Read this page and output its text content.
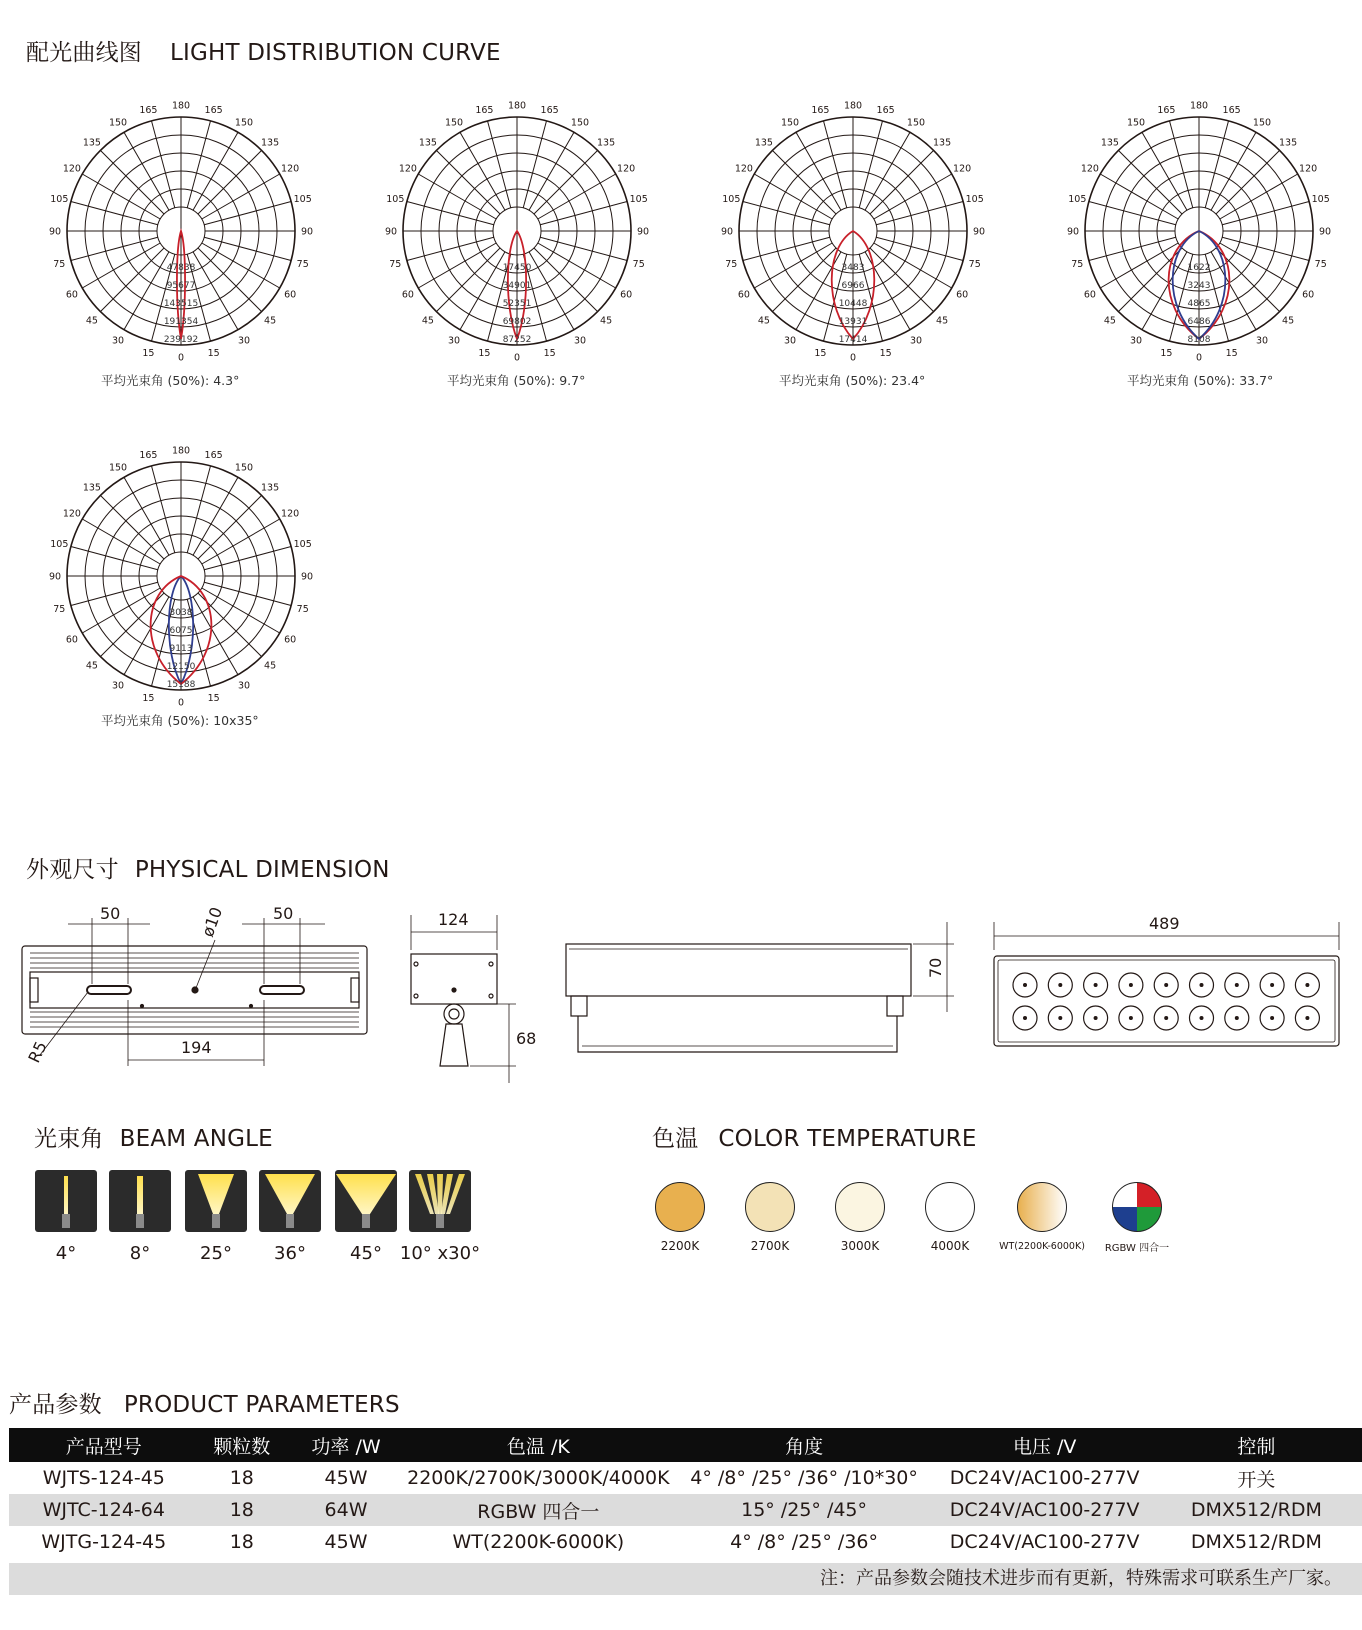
配光曲线图 LIGHT DISTRIBUTION CURVE
0 15
15
30
30
45
45
60
60
75
75
90
90
105
105
120
120
135
135
150
150
165
165 180
47838
95677
143515
191354
239192
平均光束角 (50%): 4.3°
0 15
15
30
30
45
45
60
60
75
75
90
90
105
105
120
120
135
135
150
150
165
165 180
17450
34901
52351
69802
87252
平均光束角 (50%): 9.7°
0 15
15
30
30
45
45
60
60
75
75
90
90
105
105
120
120
135
135
150
150
165
165 180
3483
6966
10448
13931
17414
平均光束角 (50%): 23.4°
0 15
15
30
30
45
45
60
60
75
75
90
90
105
105
120
120
135
135
150
150
165
165 180
1622
3243
4865
6486
8108
平均光束角 (50%): 33.7°
0 15
15
30
30
45
45
60
60
75
75
90
90
105
105
120
120
135
135
150
150
165
165 180
3038
6075
9113
12150
15188
平均光束角 (50%): 10x35°
外观尺寸 PHYSICAL DIMENSION
50	50
ø10
R5	194
124
68
70
489
光束角 BEAM ANGLE
4°	8°	25°	36°	45° 10° x30°
色温 COLOR TEMPERATURE
2200K	2700K	3000K	4000K	WT(2200K-6000K)	RGBW 四合一
产品参数 PRODUCT PARAMETERS
产品型号	颗粒数	功率 /W	色温 /K	角度	电压 /V	控制
WJTS-124-45	18	45W	2200K/2700K/3000K/4000K	4° /8° /25° /36° /10*30°	DC24V/AC100-277V	开关
WJTC-124-64	18	64W	RGBW 四合一	15° /25° /45°	DC24V/AC100-277V	DMX512/RDM
WJTG-124-45	18	45W	WT(2200K-6000K)	4° /8° /25° /36°	DC24V/AC100-277V	DMX512/RDM
注：产品参数会随技术进步而有更新，特殊需求可联系生产厂家。
